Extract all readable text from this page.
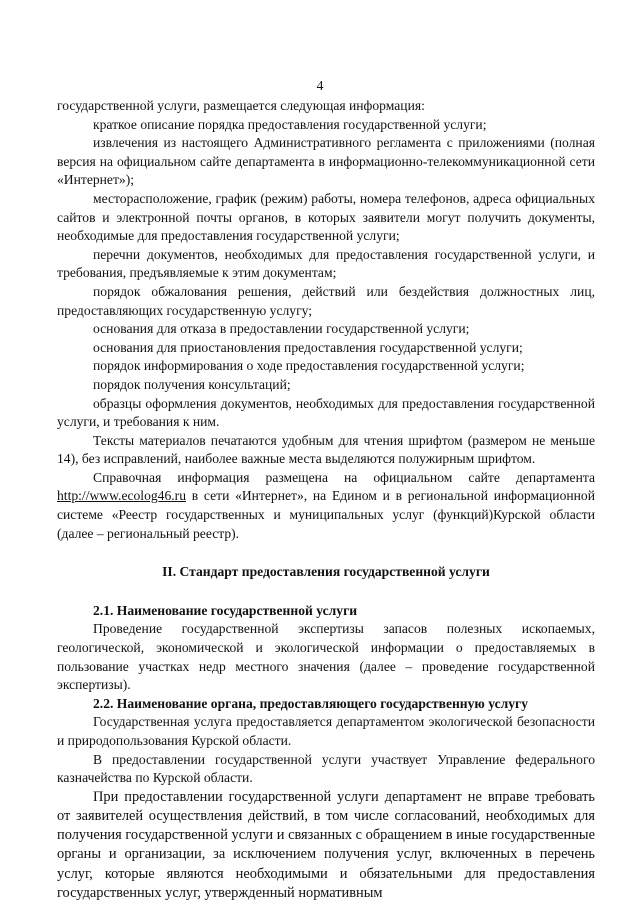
4

государственной услуги, размещается следующая информация:

краткое описание порядка предоставления государственной услуги;

извлечения из настоящего Административного регламента с приложениями (полная версия на официальном сайте департамента в информационно-телекоммуникационной сети «Интернет»);

месторасположение, график (режим) работы, номера телефонов, адреса официальных сайтов и электронной почты органов, в которых заявители могут получить документы, необходимые для предоставления государственной услуги;

перечни документов, необходимых для предоставления государственной услуги, и требования, предъявляемые к этим документам;

порядок обжалования решения, действий или бездействия должностных лиц, предоставляющих государственную услугу;

основания для отказа в предоставлении государственной услуги;

основания для приостановления предоставления государственной услуги;

порядок информирования о ходе предоставления государственной услуги;

порядок получения консультаций;

образцы оформления документов, необходимых для предоставления государственной услуги, и требования к ним.

Тексты материалов печатаются удобным для чтения шрифтом (размером не меньше 14), без исправлений, наиболее важные места выделяются полужирным шрифтом.

Справочная информация размещена на официальном сайте департамента http://www.ecolog46.ru в сети «Интернет», на Едином и в региональной информационной системе «Реестр государственных и муниципальных услуг (функций)Курской области (далее – региональный реестр).

II. Стандарт предоставления государственной услуги

2.1. Наименование государственной услуги

Проведение государственной экспертизы запасов полезных ископаемых, геологической, экономической и экологической информации о предоставляемых в пользование участках недр местного значения (далее – проведение государственной экспертизы).

2.2. Наименование органа, предоставляющего государственную услугу

Государственная услуга предоставляется департаментом экологической безопасности и природопользования Курской области.

В предоставлении государственной услуги участвует Управление федерального казначейства по Курской области.

При предоставлении государственной услуги департамент не вправе требовать от заявителей осуществления действий, в том числе согласований, необходимых для получения государственной услуги и связанных с обращением в иные государственные органы и организации, за исключением получения услуг, включенных в перечень услуг, которые являются необходимыми и обязательными для предоставления государственных услуг, утвержденный нормативным
